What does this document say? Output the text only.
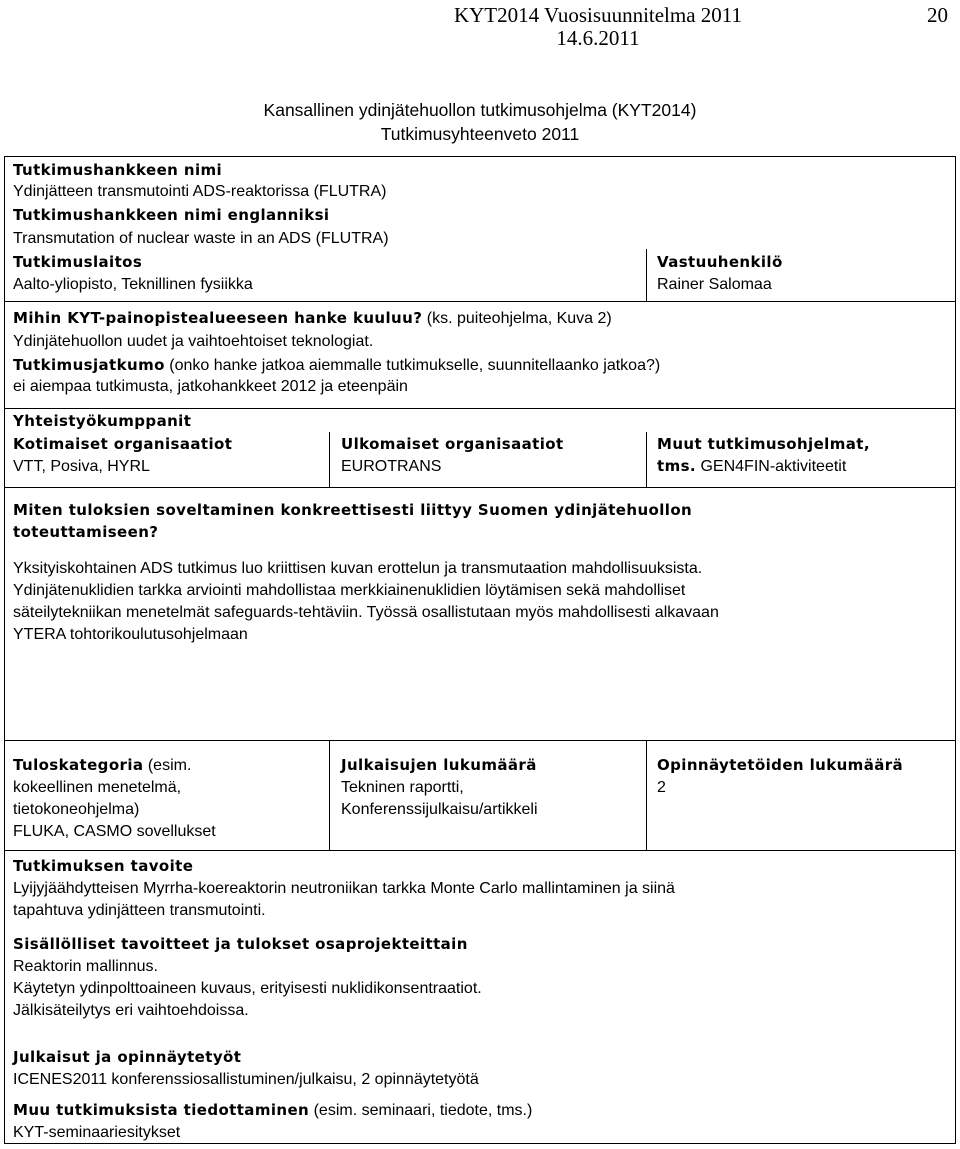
KYT2014 Vuosisuunnitelma 2011
14.6.2011
20
Kansallinen ydinjätehuollon tutkimusohjelma (KYT2014)
Tutkimusyhteenveto 2011
Tutkimushankkeen nimi
Ydinjätteen transmutointi ADS-reaktorissa (FLUTRA)
Tutkimushankkeen nimi englanniksi
Transmutation of nuclear waste in an ADS (FLUTRA)
Tutkimuslaitos
Aalto-yliopisto, Teknillinen fysiikka
Vastuuhenkilö
Rainer Salomaa
Mihin KYT-painopistealueeseen hanke kuuluu? (ks. puiteohjelma, Kuva 2)
Ydinjätehuollon uudet ja vaihtoehtoiset teknologiat.
Tutkimusjatkumo (onko hanke jatkoa aiemmalle tutkimukselle, suunnitellaanko jatkoa?)
ei aiempaa tutkimusta, jatkohankkeet 2012 ja eteenpäin
Yhteistyökumppanit
Kotimaiset organisaatiot
VTT, Posiva, HYRL
Ulkomaiset organisaatiot
EUROTRANS
Muut tutkimusohjelmat,
tms. GEN4FIN-aktiviteetit
Miten tuloksien soveltaminen konkreettisesti liittyy Suomen ydinjätehuollon
toteuttamiseen?
Yksityiskohtainen ADS tutkimus luo kriittisen kuvan erottelun ja transmutaation mahdollisuuksista.
Ydinjätenuklidien tarkka arviointi mahdollistaa merkkiainenuklidien löytämisen sekä mahdolliset
säteilytekniikan menetelmät safeguards-tehtäviin. Työssä osallistutaan myös mahdollisesti alkavaan
YTERA tohtorikoulutusohjelmaan
Tuloskategoria (esim.
kokeellinen menetelmä,
tietokoneohjelma)
FLUKA, CASMO sovellukset
Julkaisujen lukumäärä
Tekninen raportti,
Konferenssijulkaisu/artikkeli
Opinnäytetöiden lukumäärä
2
Tutkimuksen tavoite
Lyijyjäähdytteisen Myrrha-koereaktorin neutroniikan tarkka Monte Carlo mallintaminen ja siinä
tapahtuva ydinjätteen transmutointi.
Sisällölliset tavoitteet ja tulokset osaprojekteittain
Reaktorin mallinnus.
Käytetyn ydinpolttoaineen kuvaus, erityisesti nuklidikonsentraatiot.
Jälkisäteilytys eri vaihtoehdoissa.
Julkaisut ja opinnäytetyöt
ICENES2011 konferenssiosallistuminen/julkaisu, 2 opinnäytetyötä
Muu tutkimuksista tiedottaminen (esim. seminaari, tiedote, tms.)
KYT-seminaariesitykset
